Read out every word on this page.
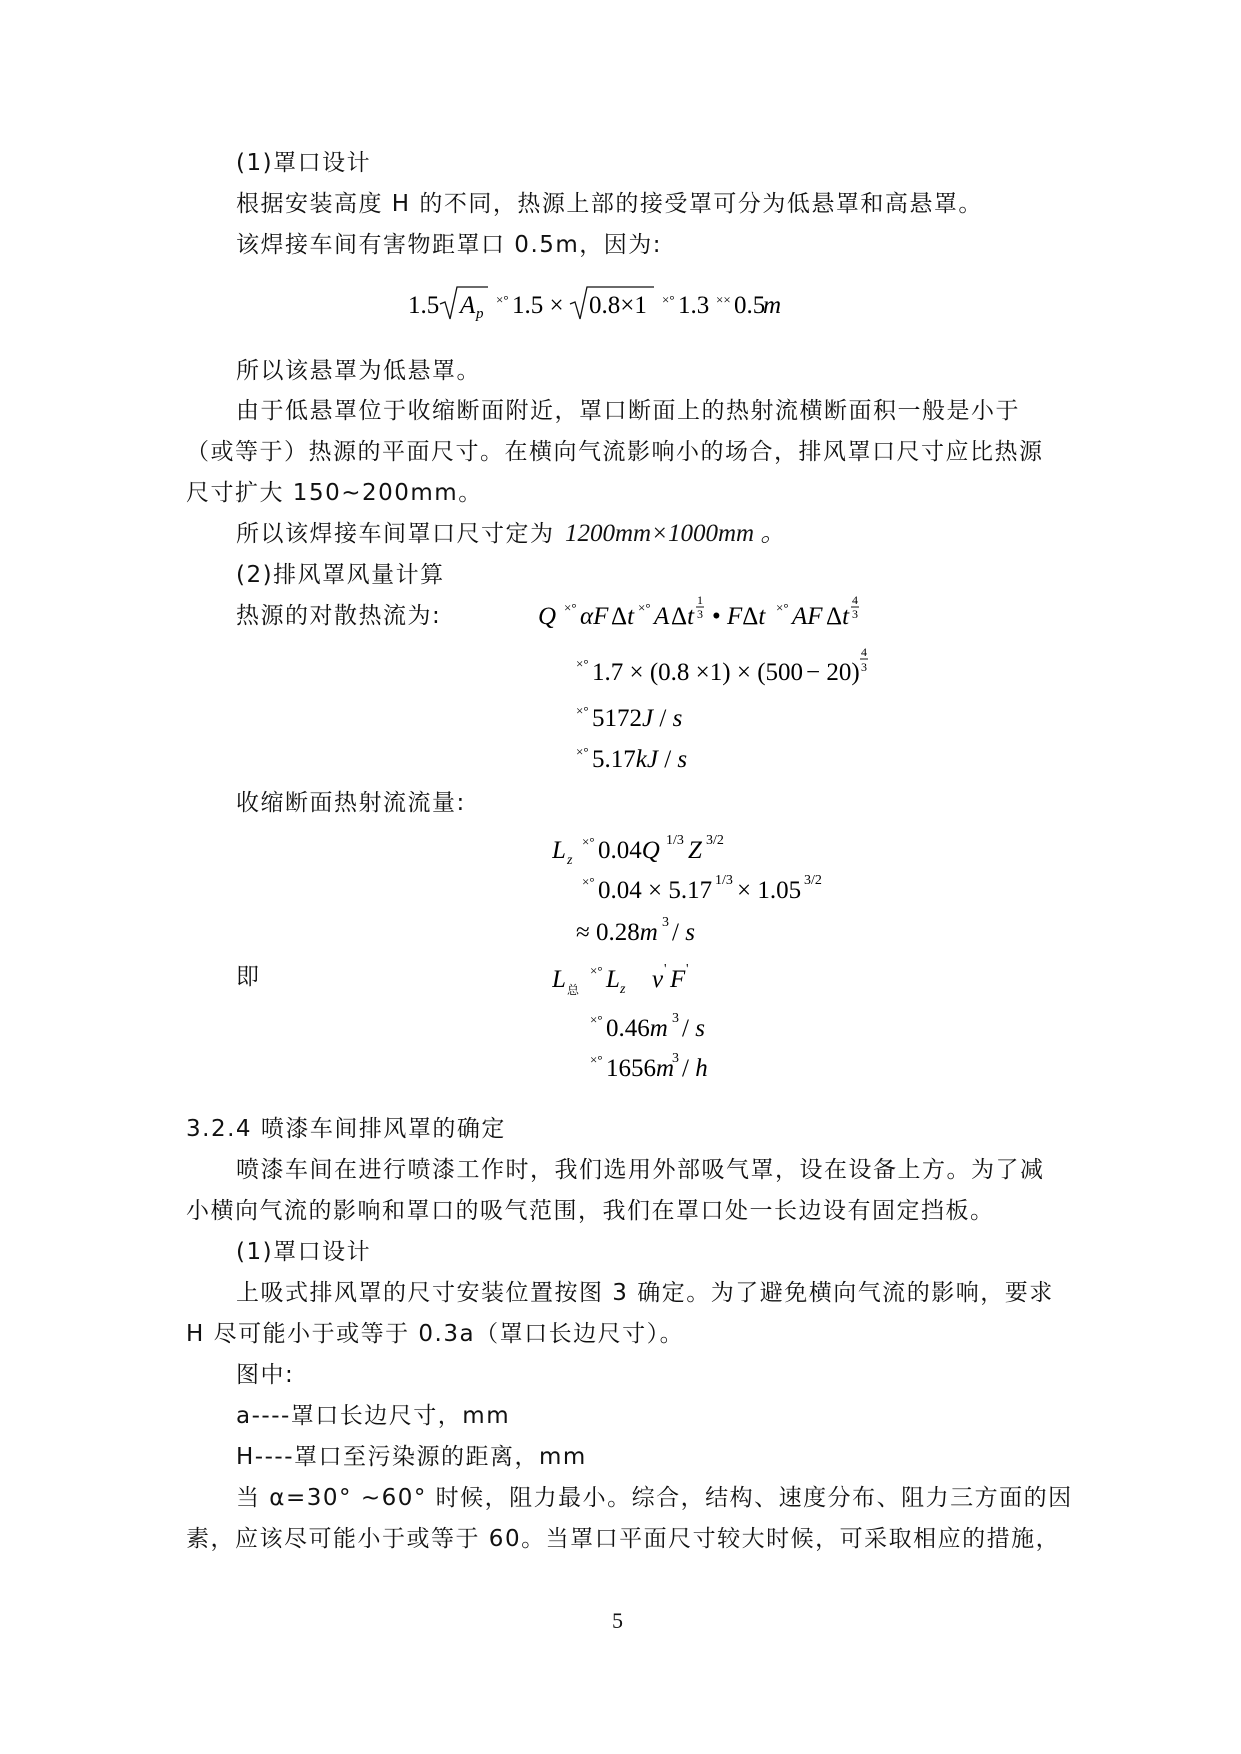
(1)罩口设计
根据安装高度 H 的不同，热源上部的接受罩可分为低悬罩和高悬罩。
该焊接车间有害物距罩口 0.5m，因为:
1.5 A p
×° 1.5 × 0.8×1 ×° 1.3 ×× 0.5
m
所以该悬罩为低悬罩。
由于低悬罩位于收缩断面附近，罩口断面上的热射流横断面积一般是小于
（或等于）热源的平面尺寸。在横向气流影响小的场合，排风罩口尺寸应比热源
尺寸扩大 150~200mm。
所以该焊接车间罩口尺寸定为 1200mm×1000mm 。
(2)排风罩风量计算
热源的对散热流为:	Q ×° αF Δt ×° A Δt
1
3 • FΔt ×° AF Δt
4
3
×° 1.7 × (0.8 ×1) × (500 − 20)
4
3
×° 5172J / s
×° 5.17kJ / s
收缩断面热射流流量:
L z
×° 0.04Q 1/3 Z 3/2
×° 0.04 × 5.17 1/3 × 1.05 3/2
≈ 0.28m 3 / s
即	L 总
×° L z v ' F '
×° 0.46m 3 / s
×° 1656m
3 / h
3.2.4 喷漆车间排风罩的确定
喷漆车间在进行喷漆工作时，我们选用外部吸气罩，设在设备上方。为了减
小横向气流的影响和罩口的吸气范围，我们在罩口处一长边设有固定挡板。
(1)罩口设计
上吸式排风罩的尺寸安装位置按图 3 确定。为了避免横向气流的影响，要求
H 尽可能小于或等于 0.3a（罩口长边尺寸）。
图中:
a----罩口长边尺寸，mm
H----罩口至污染源的距离，mm
当 α=30° ~60° 时候，阻力最小。综合，结构、速度分布、阻力三方面的因
素，应该尽可能小于或等于 60。当罩口平面尺寸较大时候，可采取相应的措施，
5
